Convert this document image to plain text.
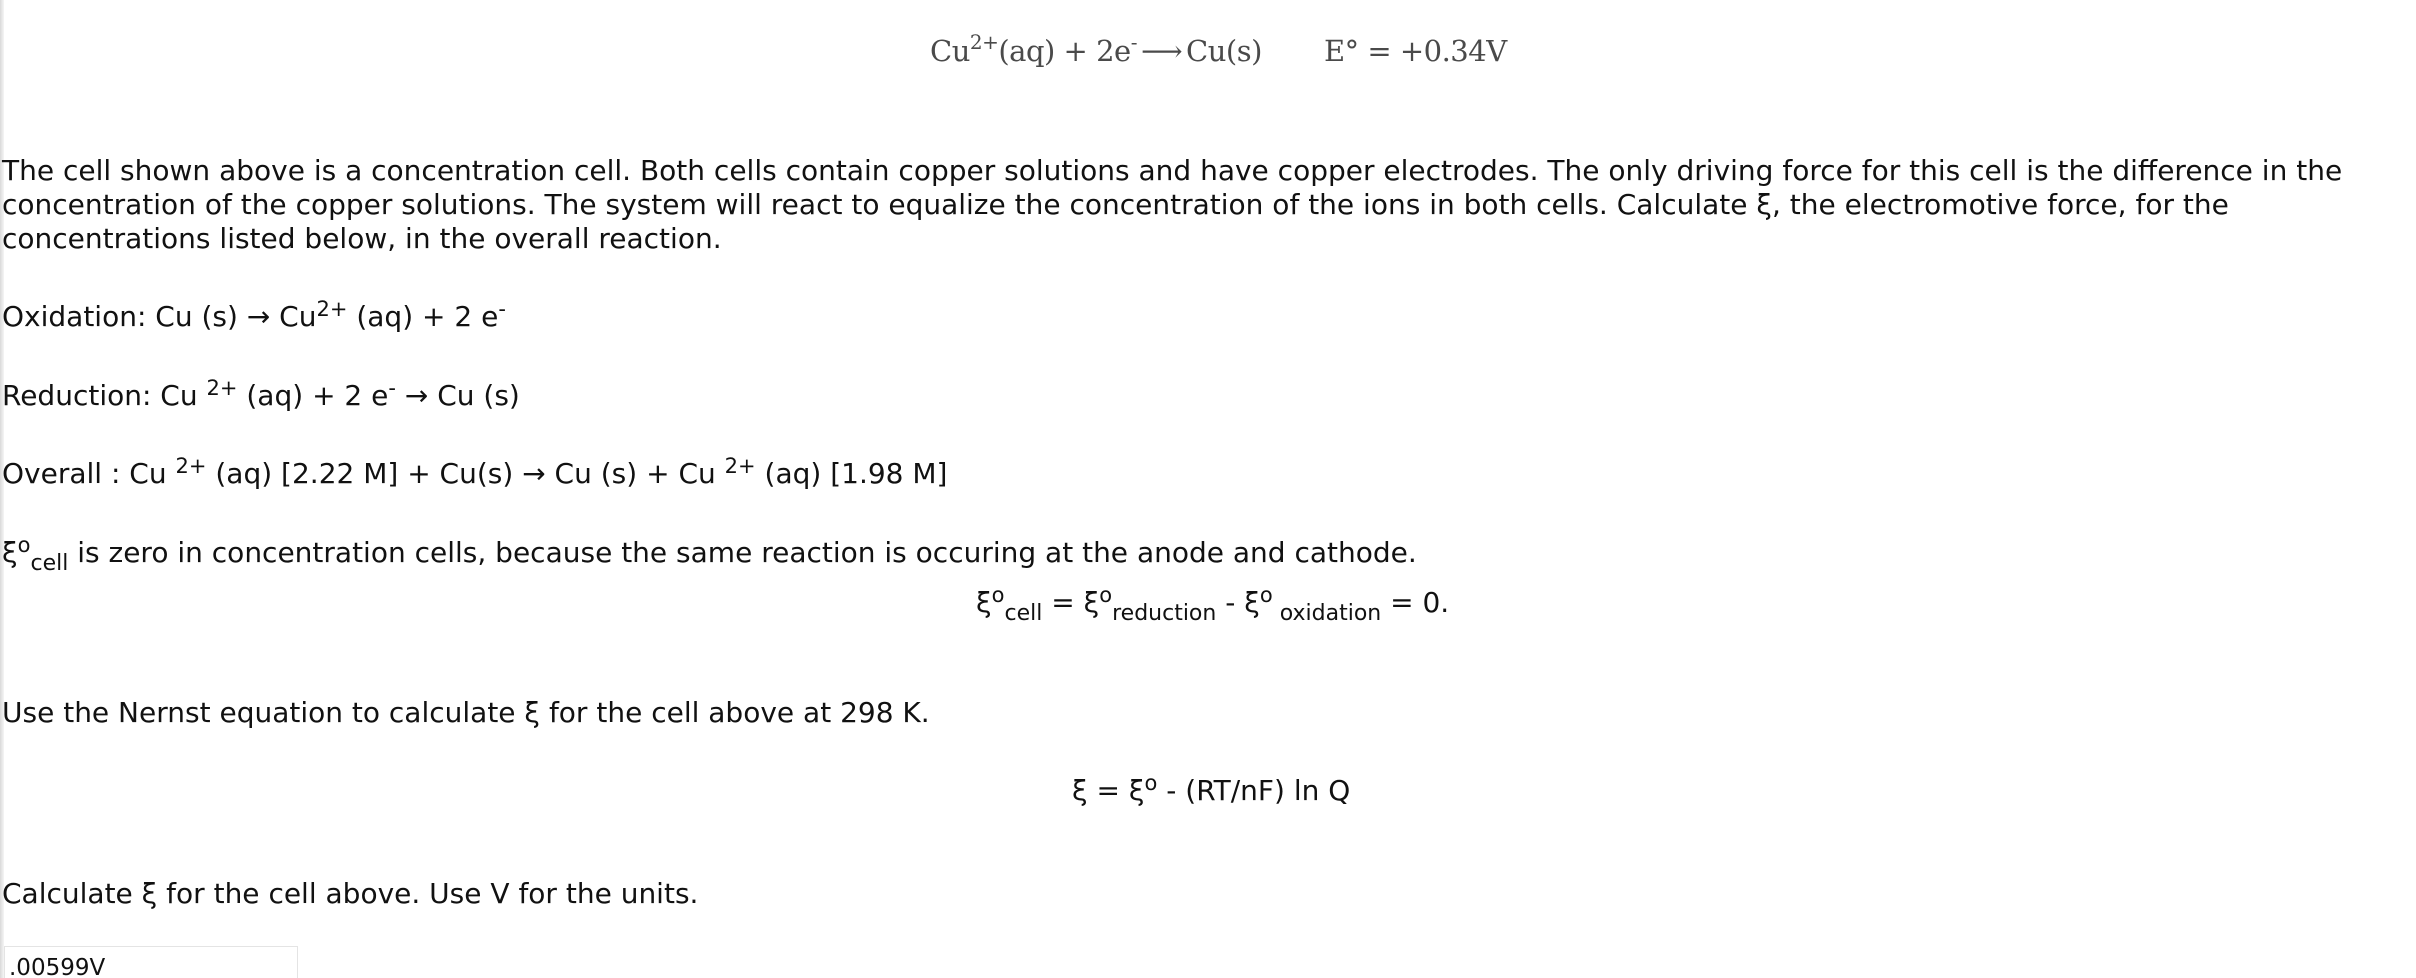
$Cu^{2+}(aq) + 2e^-$ ⟶ Cu(s) E° = +0.34V
The cell shown above is a concentration cell. Both cells contain copper solutions and have copper electrodes. The only driving force for this cell is the difference in the concentration of the copper solutions. The system will react to equalize the concentration of the ions in both cells. Calculate ξ, the electromotive force, for the concentrations listed below, in the overall reaction.
Oxidation: Cu $(s) \to Cu^{2+}$ (aq) + 2 e-
Reduction: Cu $^{2+}$ (aq) + 2 e- → Cu (s)
Overall : Cu $^{2+}$ (aq) [2.22 M] + Cu(s) → Cu (s) + Cu $^{2+}$ (aq) [1.98 M]
$\xi^o_{cell}$ is zero in concentration cells, because the same reaction is occuring at the anode and cathode.
$\xi^o_{cell} = \xi^o_{reduction} - \xi^o$ $_{oxidation}$ = 0.
Use the Nernst equation to calculate ξ for the cell above at 298 K.
$\xi = \xi^o - (RT/nF)$ ln Q
Calculate ξ for the cell above. Use V for the units.
.00599V
